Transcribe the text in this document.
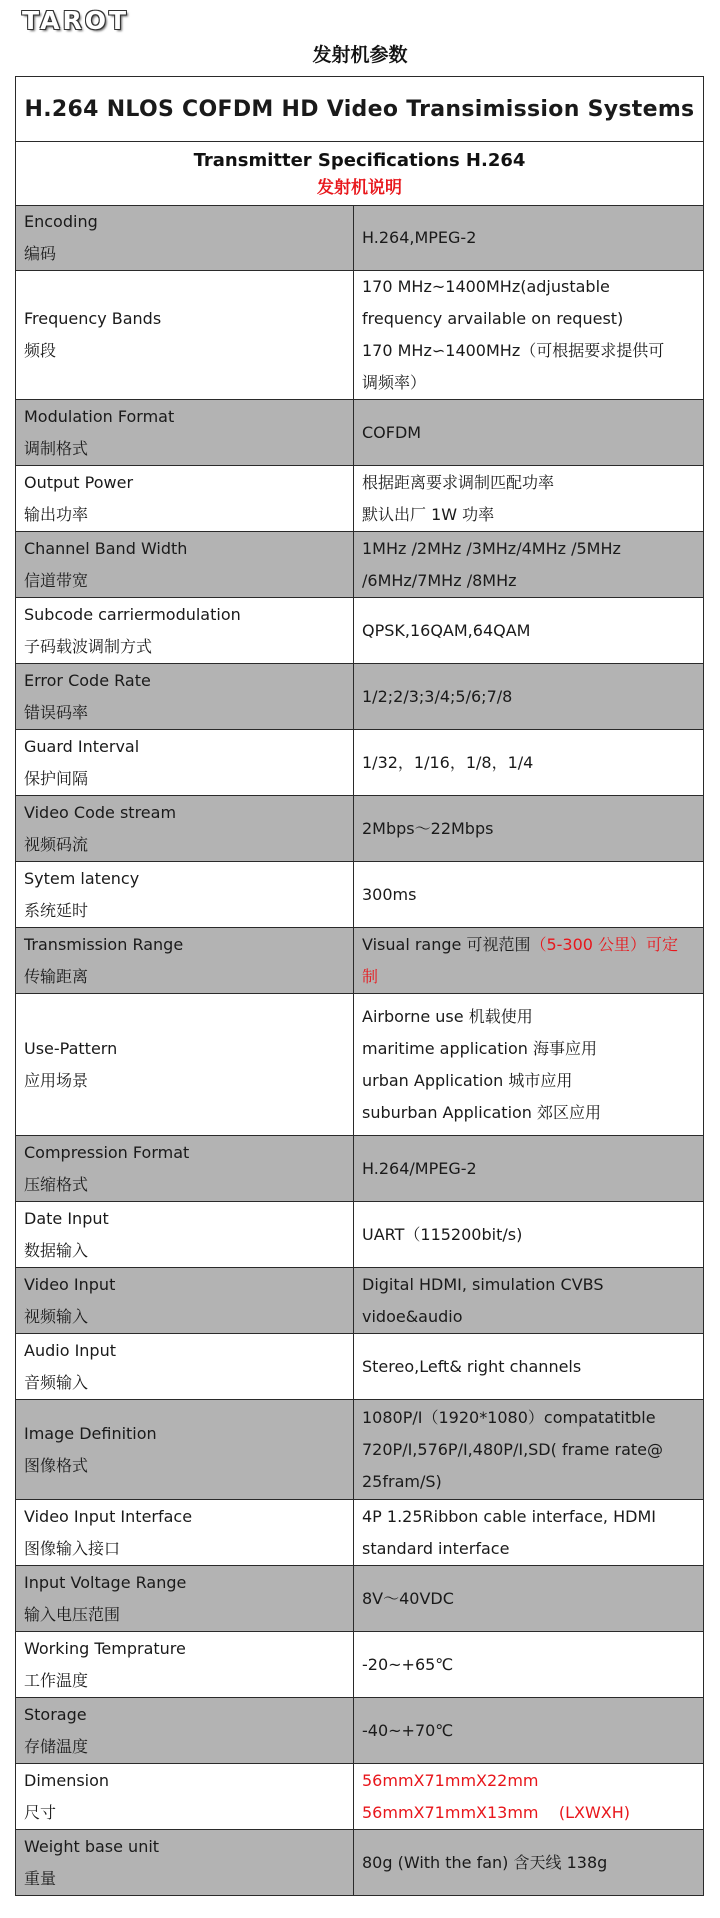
TAROT
发射机参数
H.264 NLOS COFDM HD Video Transimission Systems	

Transmitter Specifications H.264
发射机说明	

Encoding
编码	H.264,MPEG-2

Frequency Bands
频段	170 MHz~1400MHz(adjustable
frequency arvailable on request)
170 MHz∽1400MHz（可根据要求提供可
调频率）

Modulation Format
调制格式	COFDM

Output Power
输出功率	根据距离要求调制匹配功率
默认出厂 1W 功率

Channel Band Width
信道带宽	1MHz /2MHz /3MHz/4MHz /5MHz
/6MHz/7MHz /8MHz

Subcode carriermodulation
子码载波调制方式	QPSK,16QAM,64QAM

Error Code Rate
错误码率	1/2;2/3;3/4;5/6;7/8

Guard Interval
保护间隔	1/32，1/16，1/8，1/4

Video Code stream
视频码流	2Mbps～22Mbps

Sytem latency
系统延时	300ms

Transmission Range
传输距离	Visual range 可视范围（5-300 公里）可定
制

Use-Pattern
应用场景	Airborne use 机载使用
maritime application 海事应用
urban Application 城市应用
suburban Application 郊区应用

Compression Format
压缩格式	H.264/MPEG-2

Date Input
数据输入	UART（115200bit/s)

Video Input
视频输入	Digital HDMI, simulation CVBS
vidoe&audio

Audio Input
音频输入	Stereo,Left& right channels

Image Definition
图像格式	1080P/I（1920*1080）compatatitble
720P/I,576P/I,480P/I,SD( frame rate@
25fram/S)

Video Input Interface
图像输入接口	4P 1.25Ribbon cable interface, HDMI
standard interface

Input Voltage Range
输入电压范围	8V～40VDC

Working Temprature
工作温度	-20~+65℃

Storage
存储温度	-40~+70℃

Dimension
尺寸	56mmX71mmX22mm
56mmX71mmX13mm    (LXWXH)

Weight base unit
重量	80g (With the fan) 含天线 138g
